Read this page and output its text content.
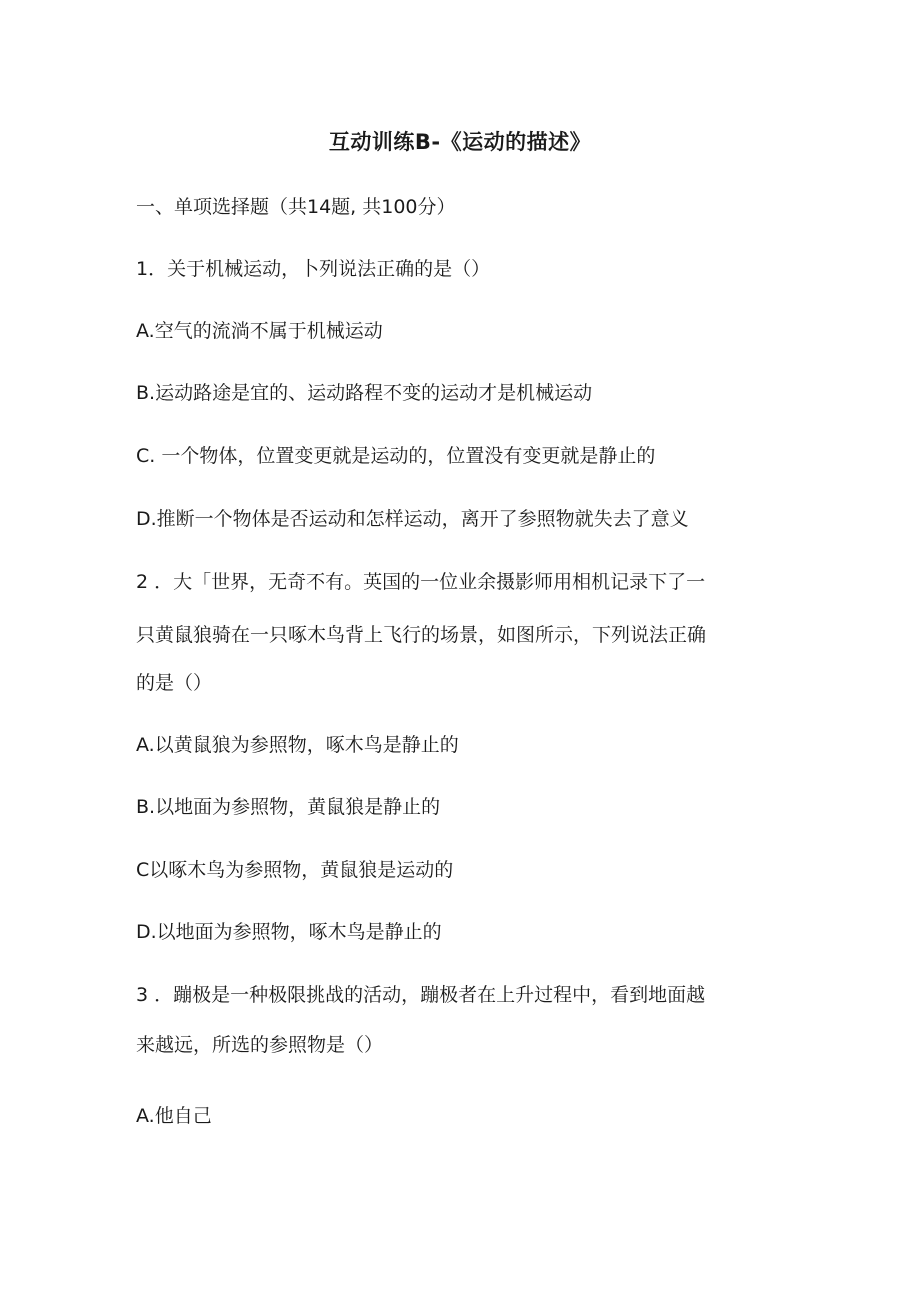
互动训练B-《运动的描述》

一、单项选择题（共14题, 共100分）

1．关于机械运动，卜列说法正确的是（）

A.空气的流淌不属于机械运动

B.运动路途是宜的、运动路程不变的运动才是机械运动

C. 一个物体，位置变更就是运动的，位置没有变更就是静止的

D.推断一个物体是否运动和怎样运动，离开了参照物就失去了意义

2 ．大「世界，无奇不有。英国的一位业余摄影师用相机记录下了一

只黄鼠狼骑在一只啄木鸟背上飞行的场景，如图所示，下列说法正确

的是（）

A.以黄鼠狼为参照物，啄木鸟是静止的

B.以地面为参照物，黄鼠狼是静止的

C以啄木鸟为参照物，黄鼠狼是运动的

D.以地面为参照物，啄木鸟是静止的

3 ．蹦极是一种极限挑战的活动，蹦极者在上升过程中，看到地面越

来越远，所选的参照物是（）

A.他自己
